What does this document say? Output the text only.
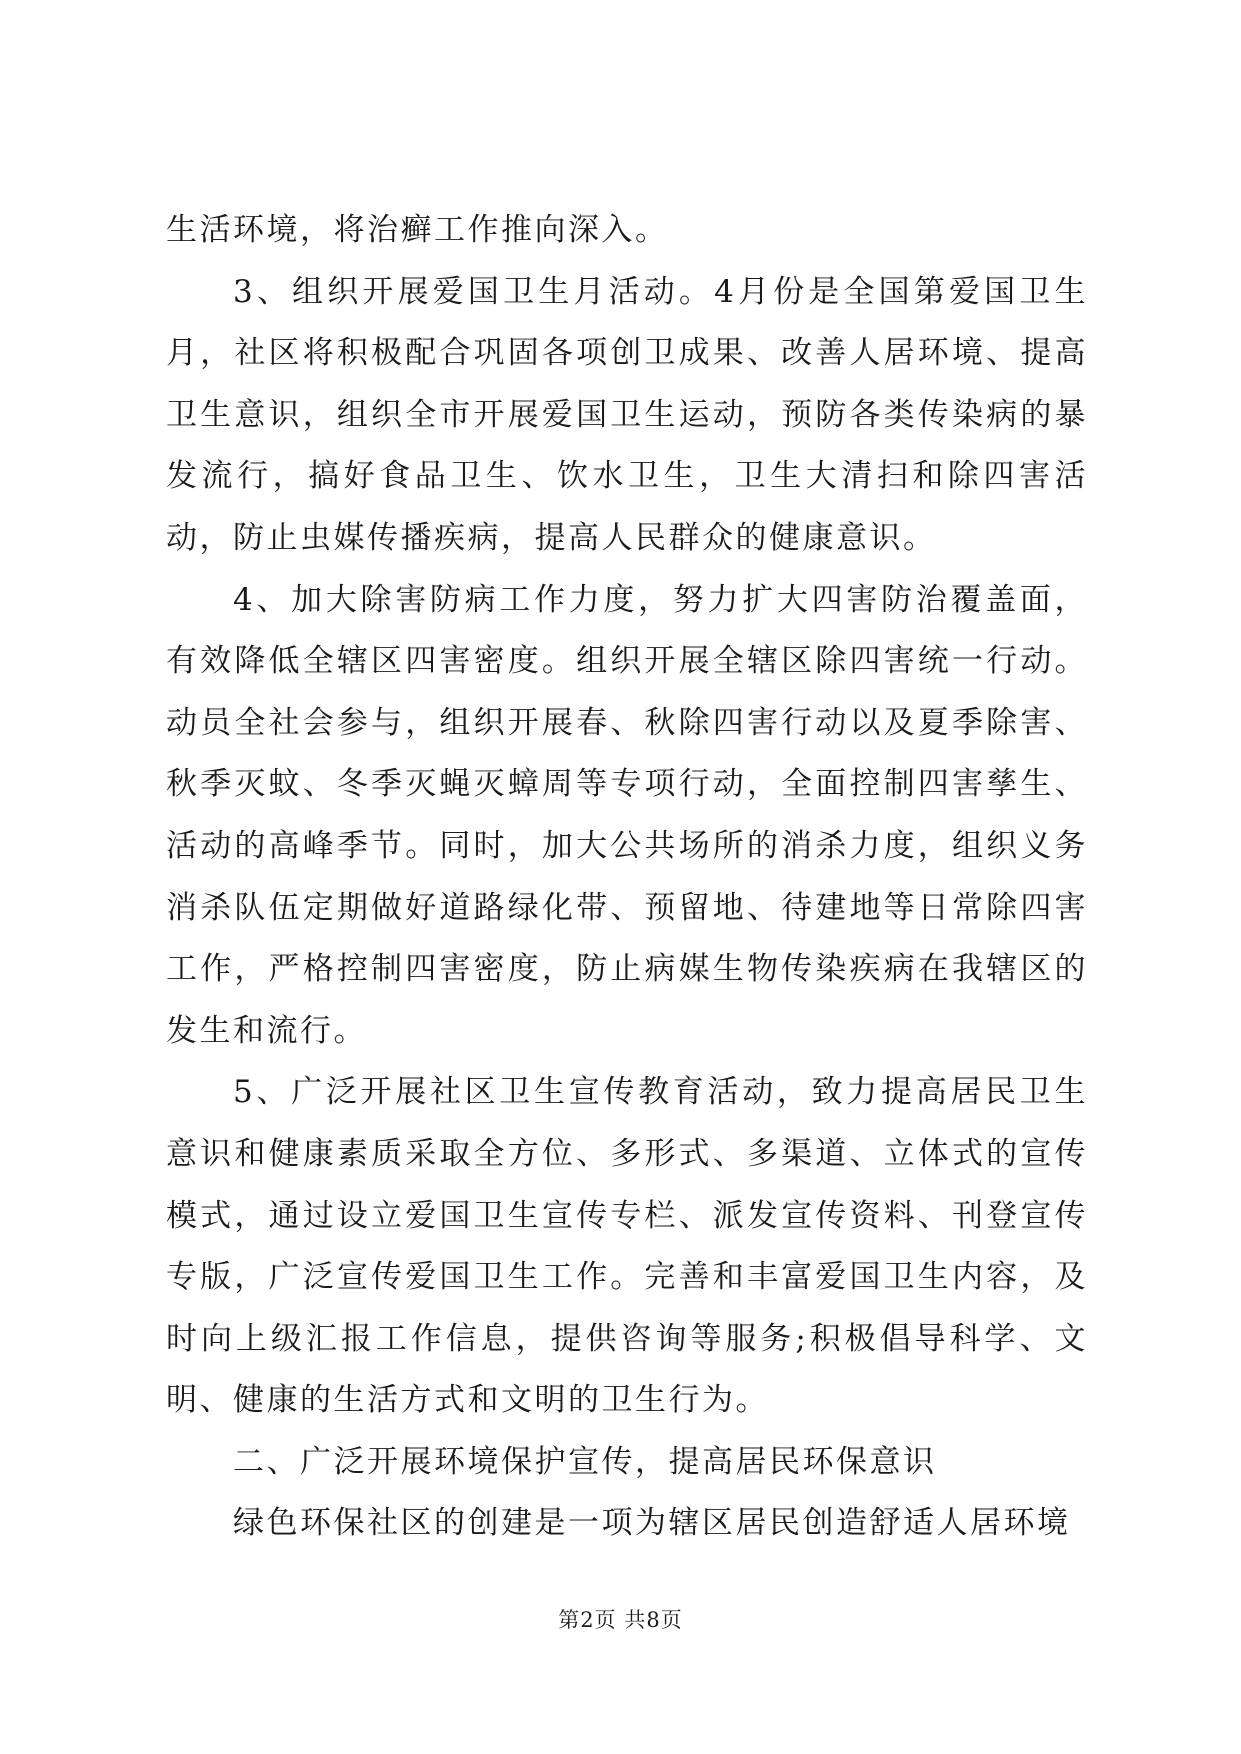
生活环境，将治癣工作推向深入。

3、组织开展爱国卫生月活动。4月份是全国第爱国卫生月，社区将积极配合巩固各项创卫成果、改善人居环境、提高卫生意识，组织全市开展爱国卫生运动，预防各类传染病的暴发流行，搞好食品卫生、饮水卫生，卫生大清扫和除四害活动，防止虫媒传播疾病，提高人民群众的健康意识。

4、加大除害防病工作力度，努力扩大四害防治覆盖面，有效降低全辖区四害密度。组织开展全辖区除四害统一行动。动员全社会参与，组织开展春、秋除四害行动以及夏季除害、秋季灭蚊、冬季灭蝇灭蟑周等专项行动，全面控制四害孳生、活动的高峰季节。同时，加大公共场所的消杀力度，组织义务消杀队伍定期做好道路绿化带、预留地、待建地等日常除四害工作，严格控制四害密度，防止病媒生物传染疾病在我辖区的发生和流行。

5、广泛开展社区卫生宣传教育活动，致力提高居民卫生意识和健康素质采取全方位、多形式、多渠道、立体式的宣传模式，通过设立爱国卫生宣传专栏、派发宣传资料、刊登宣传专版，广泛宣传爱国卫生工作。完善和丰富爱国卫生内容，及时向上级汇报工作信息，提供咨询等服务;积极倡导科学、文明、健康的生活方式和文明的卫生行为。

二、广泛开展环境保护宣传，提高居民环保意识

绿色环保社区的创建是一项为辖区居民创造舒适人居环境

第2页 共8页
